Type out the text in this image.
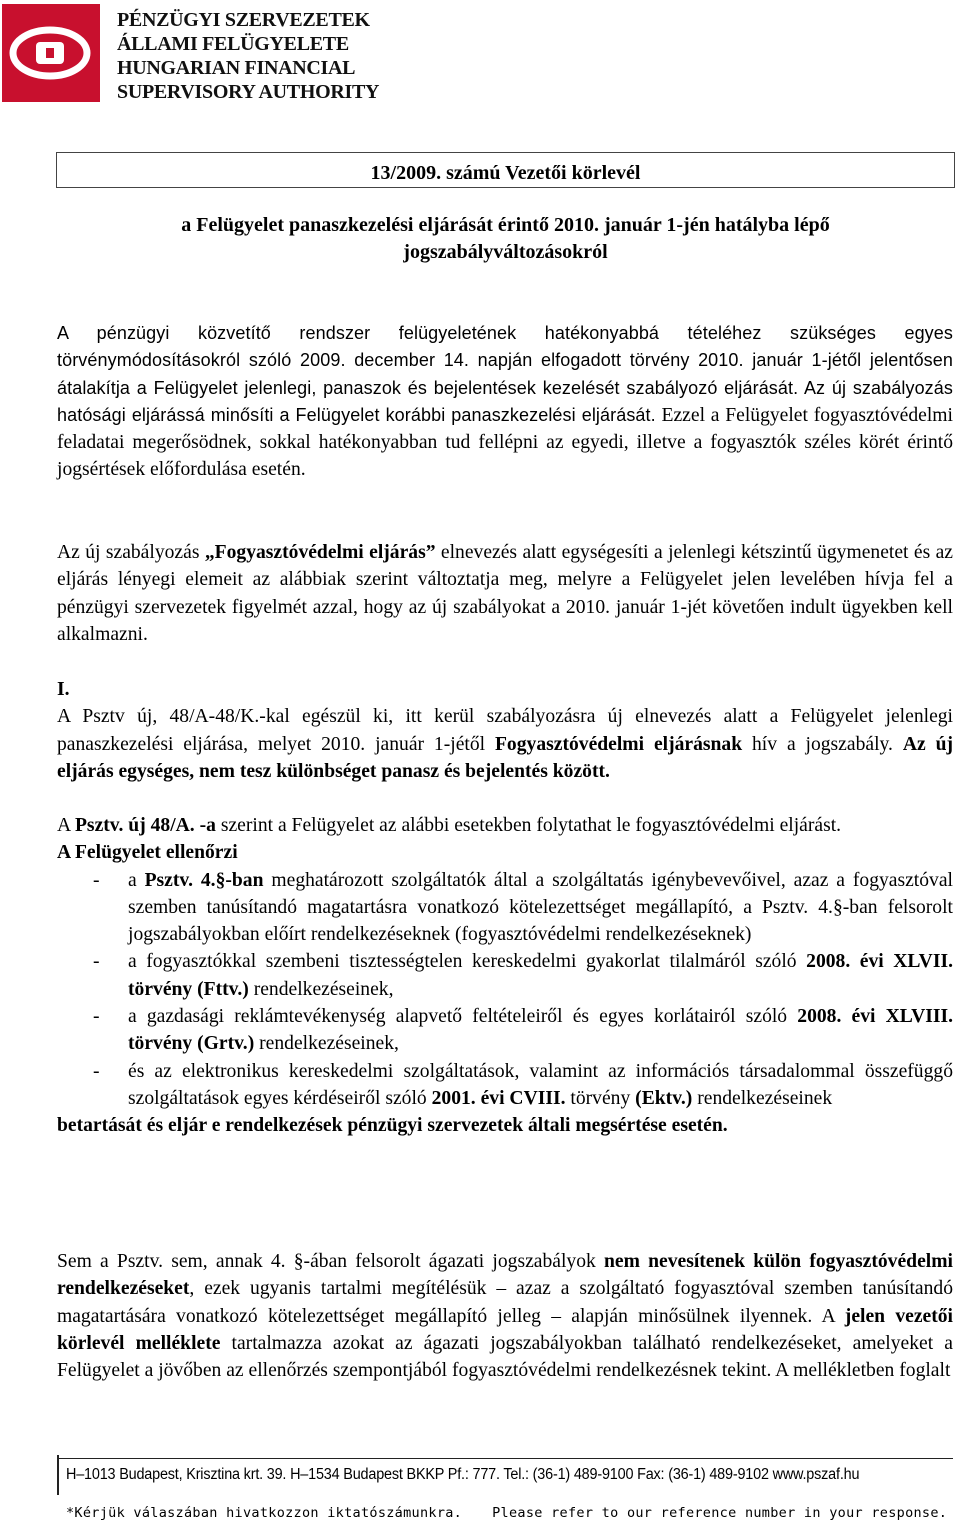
PÉNZÜGYI SZERVEZETEK
ÁLLAMI FELÜGYELETE
HUNGARIAN FINANCIAL
SUPERVISORY AUTHORITY
13/2009. számú Vezetői körlevél
a Felügyelet panaszkezelési eljárását érintő 2010. január 1-jén hatályba lépő
jogszabályváltozásokról

A pénzügyi közvetítő rendszer felügyeletének hatékonyabbá tételéhez szükséges egyes törvénymódosításokról szóló 2009. december 14. napján elfogadott törvény 2010. január 1-jétől jelentősen átalakítja a Felügyelet jelenlegi, panaszok és bejelentések kezelését szabályozó eljárását. Az új szabályozás hatósági eljárássá minősíti a Felügyelet korábbi panaszkezelési eljárását. Ezzel a Felügyelet fogyasztóvédelmi feladatai megerősödnek, sokkal hatékonyabban tud fellépni az egyedi, illetve a fogyasztók széles körét érintő jogsértések előfordulása esetén.

Az új szabályozás „Fogyasztóvédelmi eljárás” elnevezés alatt egységesíti a jelenlegi kétszintű ügymenetet és az eljárás lényegi elemeit az alábbiak szerint változtatja meg, melyre a Felügyelet jelen levelében hívja fel a pénzügyi szervezetek figyelmét azzal, hogy az új szabályokat a 2010. január 1-jét követően indult ügyekben kell alkalmazni.

I.

A Psztv új, 48/A-48/K.-kal egészül ki, itt kerül szabályozásra új elnevezés alatt a Felügyelet jelenlegi panaszkezelési eljárása, melyet 2010. január 1-jétől Fogyasztóvédelmi eljárásnak hív a jogszabály. Az új eljárás egységes, nem tesz különbséget panasz és bejelentés között.

A Psztv. új 48/A. -a szerint a Felügyelet az alábbi esetekben folytathat le fogyasztóvédelmi eljárást.

A Felügyelet ellenőrzi
- a Psztv. 4.§-ban meghatározott szolgáltatók által a szolgáltatás igénybevevőivel, azaz a fogyasztóval szemben tanúsítandó magatartásra vonatkozó kötelezettséget megállapító, a Psztv. 4.§-ban felsorolt jogszabályokban előírt rendelkezéseknek (fogyasztóvédelmi rendelkezéseknek)
- a fogyasztókkal szembeni tisztességtelen kereskedelmi gyakorlat tilalmáról szóló 2008. évi XLVII. törvény (Fttv.) rendelkezéseinek,
- a gazdasági reklámtevékenység alapvető feltételeiről és egyes korlátairól szóló 2008. évi XLVIII. törvény (Grtv.) rendelkezéseinek,
- és az elektronikus kereskedelmi szolgáltatások, valamint az információs társadalommal összefüggő szolgáltatások egyes kérdéseiről szóló 2001. évi CVIII. törvény (Ektv.) rendelkezéseinek
betartását és eljár e rendelkezések pénzügyi szervezetek általi megsértése esetén.

Sem a Psztv. sem, annak 4. §-ában felsorolt ágazati jogszabályok nem nevesítenek külön fogyasztóvédelmi rendelkezéseket, ezek ugyanis tartalmi megítélésük – azaz a szolgáltató fogyasztóval szemben tanúsítandó magatartására vonatkozó kötelezettséget megállapító jelleg – alapján minősülnek ilyennek. A jelen vezetői körlevél melléklete tartalmazza azokat az ágazati jogszabályokban található rendelkezéseket, amelyeket a Felügyelet a jövőben az ellenőrzés szempontjából fogyasztóvédelmi rendelkezésnek tekint. A mellékletben foglalt

H–1013 Budapest, Krisztina krt. 39. H–1534 Budapest BKKP Pf.: 777. Tel.: (36-1) 489-9100 Fax: (36-1) 489-9102 www.pszaf.hu
*Kérjük válaszában hivatkozzon iktatószámunkra. Please refer to our reference number in your response.
